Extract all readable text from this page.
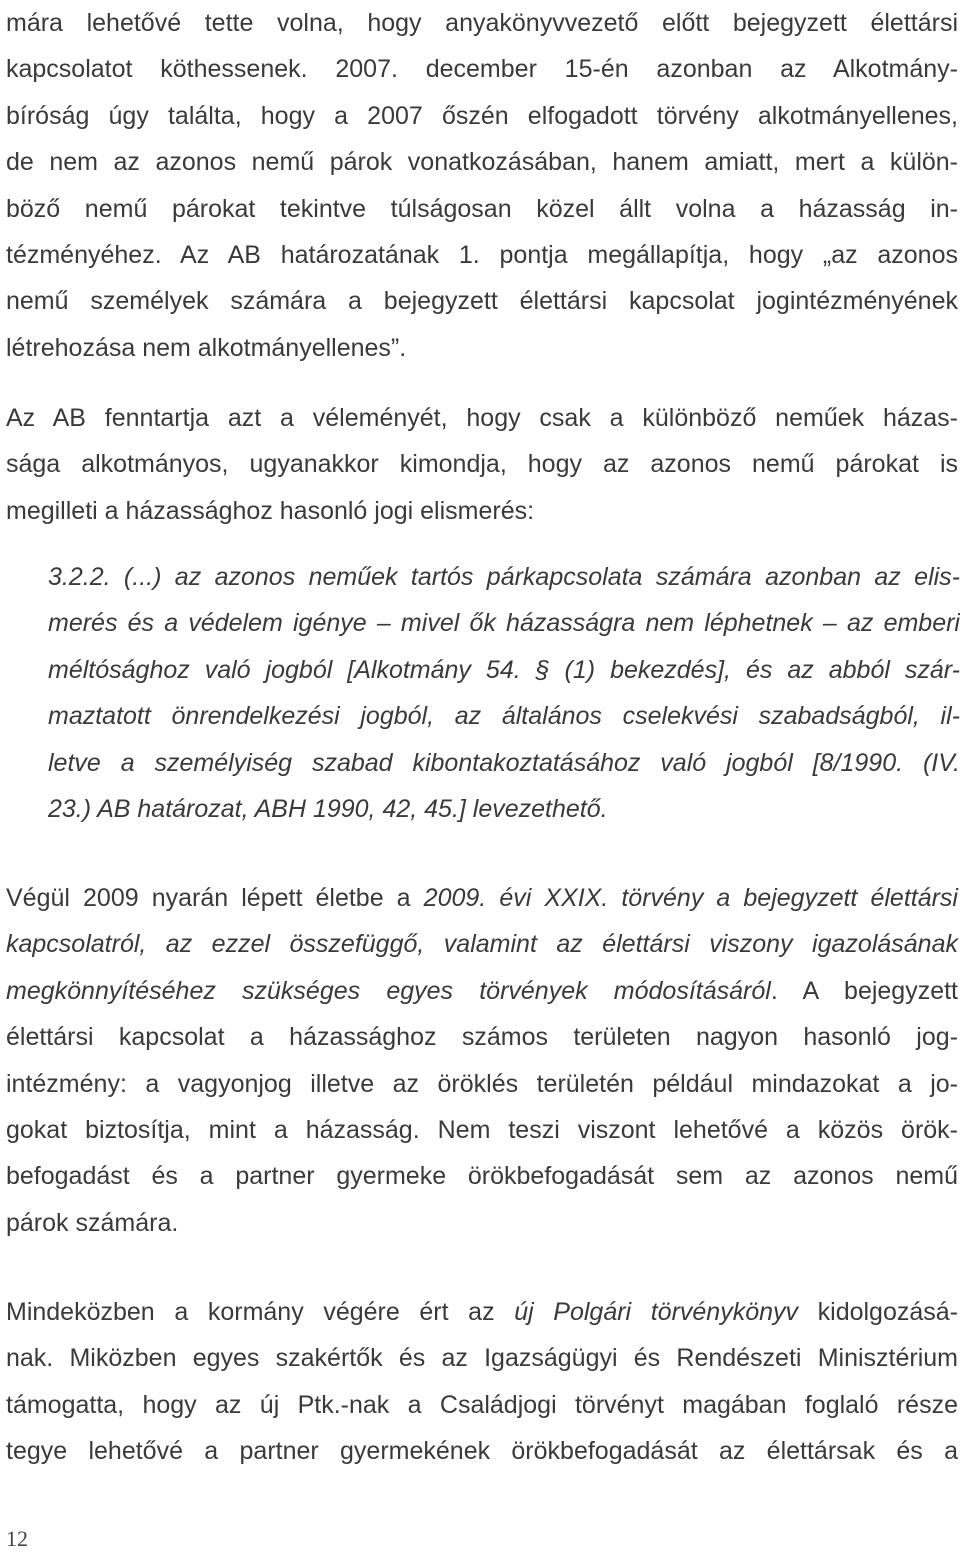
mára lehetővé tette volna, hogy anyakönyvvezető előtt bejegyzett élettársi
kapcsolatot köthessenek. 2007. december 15-én azonban az Alkotmány-
bíróság úgy találta, hogy a 2007 őszén elfogadott törvény alkotmányellenes,
de nem az azonos nemű párok vonatkozásában, hanem amiatt, mert a külön-
böző nemű párokat tekintve túlságosan közel állt volna a házasság in-
tézményéhez. Az AB határozatának 1. pontja megállapítja, hogy „az azonos
nemű személyek számára a bejegyzett élettársi kapcsolat jogintézményének
létrehozása nem alkotmányellenes”.
Az AB fenntartja azt a véleményét, hogy csak a különböző neműek házas-
sága alkotmányos, ugyanakkor kimondja, hogy az azonos nemű párokat is
megilleti a házassághoz hasonló jogi elismerés:
3.2.2. (...) az azonos neműek tartós párkapcsolata számára azonban az elis-
merés és a védelem igénye – mivel ők házasságra nem léphetnek – az emberi
méltósághoz való jogból [Alkotmány 54. § (1) bekezdés], és az abból szár-
maztatott önrendelkezési jogból, az általános cselekvési szabadságból, il-
letve a személyiség szabad kibontakoztatásához való jogból [8/1990. (IV.
23.) AB határozat, ABH 1990, 42, 45.] levezethető.
Végül 2009 nyarán lépett életbe a 2009. évi XXIX. törvény a bejegyzett élettársi
kapcsolatról, az ezzel összefüggő, valamint az élettársi viszony igazolásának
megkönnyítéséhez szükséges egyes törvények módosításáról. A bejegyzett
élettársi kapcsolat a házassághoz számos területen nagyon hasonló jog-
intézmény: a vagyonjog illetve az öröklés területén például mindazokat a jo-
gokat biztosítja, mint a házasság. Nem teszi viszont lehetővé a közös örök-
befogadást és a partner gyermeke örökbefogadását sem az azonos nemű
párok számára.
Mindeközben a kormány végére ért az új Polgári törvénykönyv kidolgozásá-
nak. Miközben egyes szakértők és az Igazságügyi és Rendészeti Minisztérium
támogatta, hogy az új Ptk.-nak a Családjogi törvényt magában foglaló része
tegye lehetővé a partner gyermekének örökbefogadását az élettársak és a
12
